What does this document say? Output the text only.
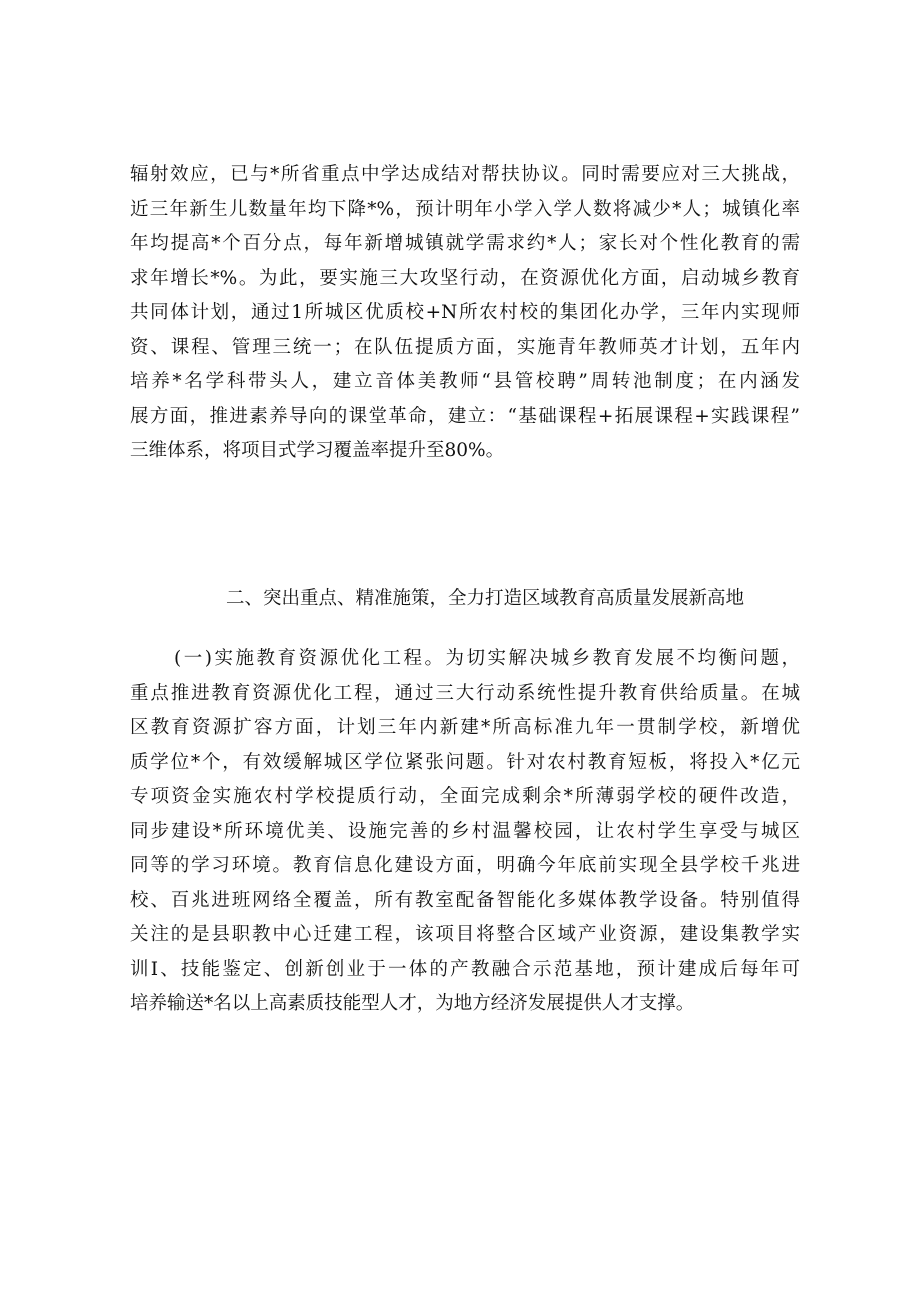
辐射效应，已与*所省重点中学达成结对帮扶协议。同时需要应对三大挑战，
近三年新生儿数量年均下降*%，预计明年小学入学人数将减少*人；城镇化率
年均提高*个百分点，每年新增城镇就学需求约*人；家长对个性化教育的需
求年增长*%。为此，要实施三大攻坚行动，在资源优化方面，启动城乡教育
共同体计划，通过1所城区优质校+N所农村校的集团化办学，三年内实现师
资、课程、管理三统一；在队伍提质方面，实施青年教师英才计划，五年内
培养*名学科带头人，建立音体美教师“县管校聘”周转池制度；在内涵发
展方面，推进素养导向的课堂革命，建立：“基础课程+拓展课程+实践课程”
三维体系，将项目式学习覆盖率提升至80%。
二、突出重点、精准施策，全力打造区域教育高质量发展新高地
(一)实施教育资源优化工程。为切实解决城乡教育发展不均衡问题，
重点推进教育资源优化工程，通过三大行动系统性提升教育供给质量。在城
区教育资源扩容方面，计划三年内新建*所高标准九年一贯制学校，新增优
质学位*个，有效缓解城区学位紧张问题。针对农村教育短板，将投入*亿元
专项资金实施农村学校提质行动，全面完成剩余*所薄弱学校的硬件改造，
同步建设*所环境优美、设施完善的乡村温馨校园，让农村学生享受与城区
同等的学习环境。教育信息化建设方面，明确今年底前实现全县学校千兆进
校、百兆进班网络全覆盖，所有教室配备智能化多媒体教学设备。特别值得
关注的是县职教中心迁建工程，该项目将整合区域产业资源，建设集教学实
训I、技能鉴定、创新创业于一体的产教融合示范基地，预计建成后每年可
培养输送*名以上高素质技能型人才，为地方经济发展提供人才支撑。
